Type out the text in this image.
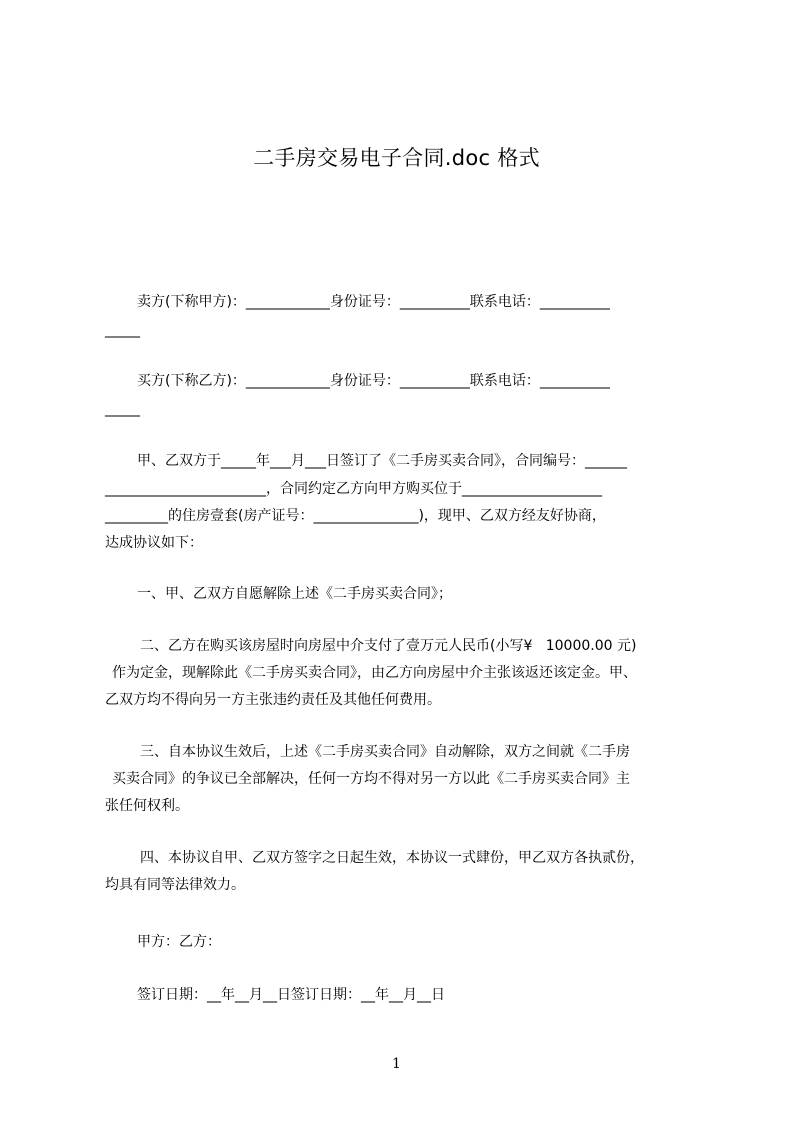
二手房交易电子合同.doc 格式
卖方(下称甲方)：____________身份证号：__________联系电话：__________
_____
买方(下称乙方)：____________身份证号：__________联系电话：__________
_____
甲、乙双方于_____年___月___日签订了《二手房买卖合同》，合同编号：______
_______________________，合同约定乙方向甲方购买位于____________________
_________的住房壹套(房产证号：_______________)，现甲、乙双方经友好协商，
达成协议如下：
一、甲、乙双方自愿解除上述《二手房买卖合同》；
二、乙方在购买该房屋时向房屋中介支付了壹万元人民币(小写¥   10000.00 元)
作为定金，现解除此《二手房买卖合同》，由乙方向房屋中介主张该返还该定金。甲、
乙双方均不得向另一方主张违约责任及其他任何费用。
三、自本协议生效后，上述《二手房买卖合同》自动解除，双方之间就《二手房
买卖合同》的争议已全部解决，任何一方均不得对另一方以此《二手房买卖合同》主
张任何权利。
四、本协议自甲、乙双方签字之日起生效，本协议一式肆份，甲乙双方各执贰份，
均具有同等法律效力。
甲方：乙方：
签订日期：__年__月__日签订日期：__年__月__日
1
